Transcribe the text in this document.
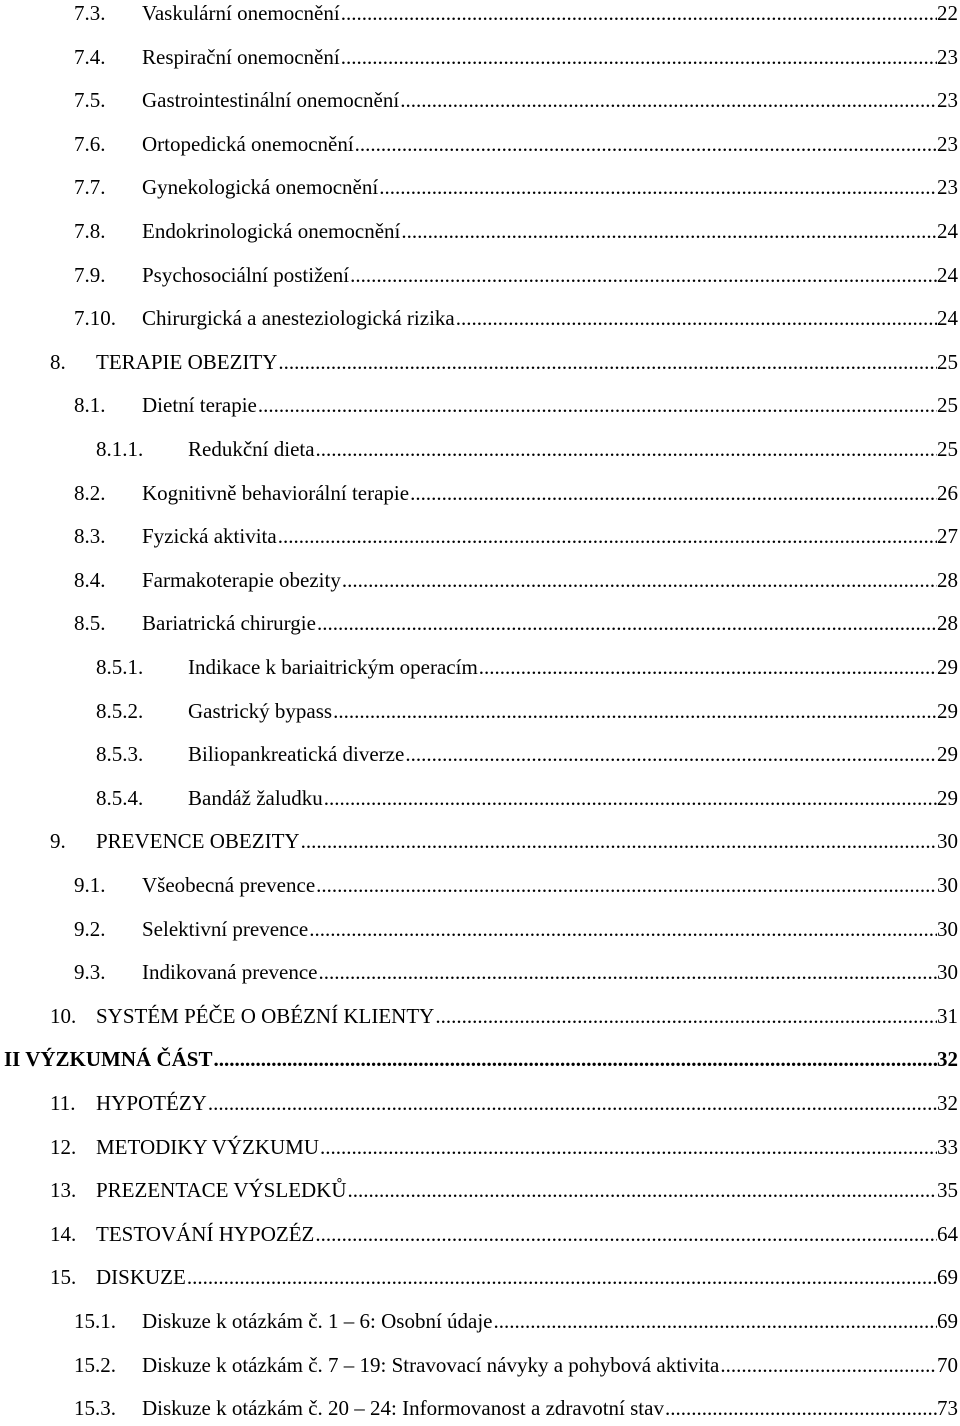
7.3. Vaskulární onemocnění .....	22
7.4. Respirační onemocnění .....	23
7.5. Gastrointestinální onemocnění .....	23
7.6. Ortopedická onemocnění .....	23
7.7. Gynekologická onemocnění .....	23
7.8. Endokrinologická onemocnění .....	24
7.9. Psychosociální postižení .....	24
7.10. Chirurgická a anesteziologická rizika .....	24
8. TERAPIE OBEZITY .....	25
8.1. Dietní terapie .....	25
8.1.1. Redukční dieta .....	25
8.2. Kognitivně behaviorální terapie .....	26
8.3. Fyzická aktivita .....	27
8.4. Farmakoterapie obezity .....	28
8.5. Bariatrická chirurgie .....	28
8.5.1. Indikace k bariaitrickým operacím .....	29
8.5.2. Gastrický bypass .....	29
8.5.3. Biliopankreatická diverze .....	29
8.5.4. Bandáž žaludku .....	29
9. PREVENCE OBEZITY .....	30
9.1. Všeobecná prevence .....	30
9.2. Selektivní prevence .....	30
9.3. Indikovaná prevence .....	30
10. SYSTÉM PÉČE O OBÉZNÍ KLIENTY .....	31
II VÝZKUMNÁ ČÁST .....	32
11. HYPOTÉZY .....	32
12. METODIKY VÝZKUMU .....	33
13. PREZENTACE VÝSLEDKŮ .....	35
14. TESTOVÁNÍ HYPOZÉZ .....	64
15. DISKUZE .....	69
15.1. Diskuze k otázkám č. 1 – 6: Osobní údaje .....	69
15.2. Diskuze k otázkám č. 7 – 19: Stravovací návyky a pohybová aktivita .....	70
15.3. Diskuze k otázkám č. 20 – 24: Informovanost a zdravotní stav .....	73
